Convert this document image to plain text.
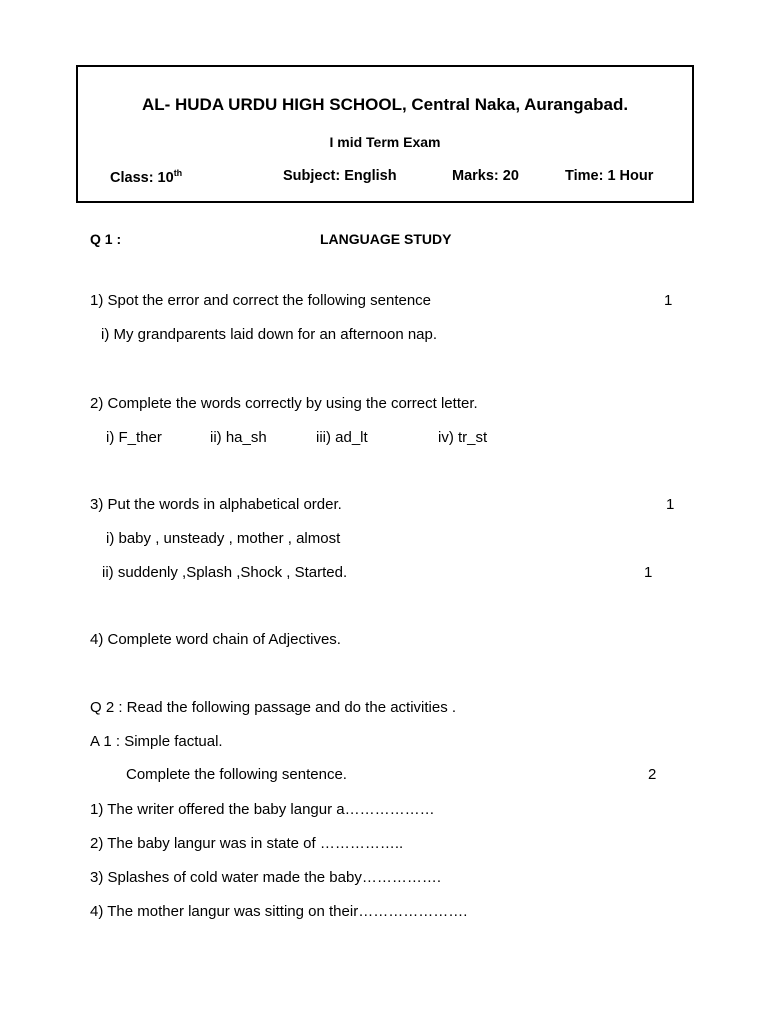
AL- HUDA URDU HIGH SCHOOL, Central Naka, Aurangabad.
I mid Term Exam
Class: 10th	Subject: English	Marks: 20	Time: 1 Hour
Q 1 :	LANGUAGE STUDY
1) Spot the error and correct the following sentence	1
i) My grandparents laid down for an afternoon nap.
2) Complete the words correctly by using the correct letter.
i) F_ther	ii) ha_sh	iii) ad_lt	iv) tr_st
3) Put the words in alphabetical order.	1
i) baby , unsteady , mother , almost
ii) suddenly ,Splash ,Shock , Started.	1
4) Complete word chain of Adjectives.
Q 2 : Read the following passage and do the activities .
A 1 : Simple factual.
Complete the following sentence.	2
1) The writer offered the baby langur a………………
2) The baby langur was in state of ……………..
3) Splashes of cold water made the baby…………….
4) The mother langur was sitting on their………………….
